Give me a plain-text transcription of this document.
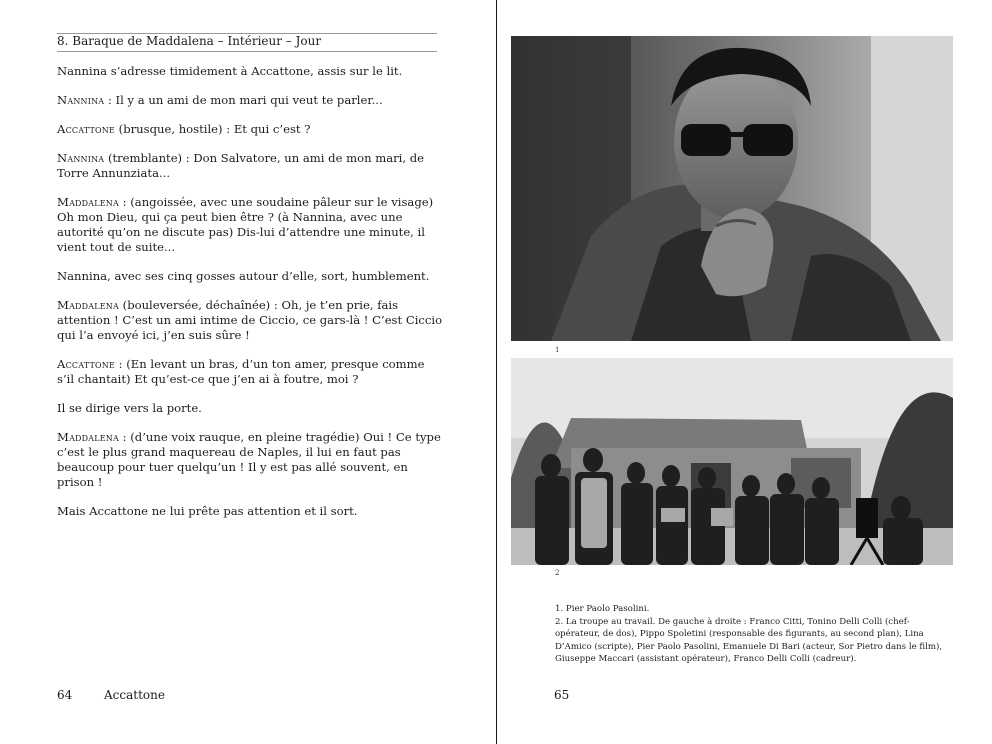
8. Baraque de Maddalena – Intérieur – Jour

Nannina s’adresse timidement à Accattone, assis sur le lit.

Nannina : Il y a un ami de mon mari qui veut te parler...

Accattone (brusque, hostile) : Et qui c’est ?

Nannina (tremblante) : Don Salvatore, un ami de mon mari, de Torre Annunziata...

Maddalena : (angoissée, avec une soudaine pâleur sur le visage) Oh mon Dieu, qui ça peut bien être ? (à Nannina, avec une autorité qu’on ne discute pas) Dis-lui d’attendre une minute, il vient tout de suite...

Nannina, avec ses cinq gosses autour d’elle, sort, humblement.

Maddalena (bouleversée, déchaînée) : Oh, je t’en prie, fais attention ! C’est un ami intime de Ciccio, ce gars-là ! C’est Ciccio qui l’a envoyé ici, j’en suis sûre !

Accattone : (En levant un bras, d’un ton amer, presque comme s’il chantait) Et qu’est-ce que j’en ai à foutre, moi ?

Il se dirige vers la porte.

Maddalena : (d’une voix rauque, en pleine tragédie) Oui ! Ce type c’est le plus grand maquereau de Naples, il lui en faut pas beaucoup pour tuer quelqu’un ! Il y est pas allé souvent, en prison !

Mais Accattone ne lui prête pas attention et il sort.

64	Accattone
1
2

1. Pier Paolo Pasolini.

2. La troupe au travail. De gauche à droite : Franco Citti, Tonino Delli Colli (chef-opérateur, de dos), Pippo Spoletini (responsable des figurants, au second plan), Lina D’Amico (scripte), Pier Paolo Pasolini, Emanuele Di Bari (acteur, Sor Pietro dans le film), Giuseppe Maccari (assistant opérateur), Franco Delli Colli (cadreur).

65
